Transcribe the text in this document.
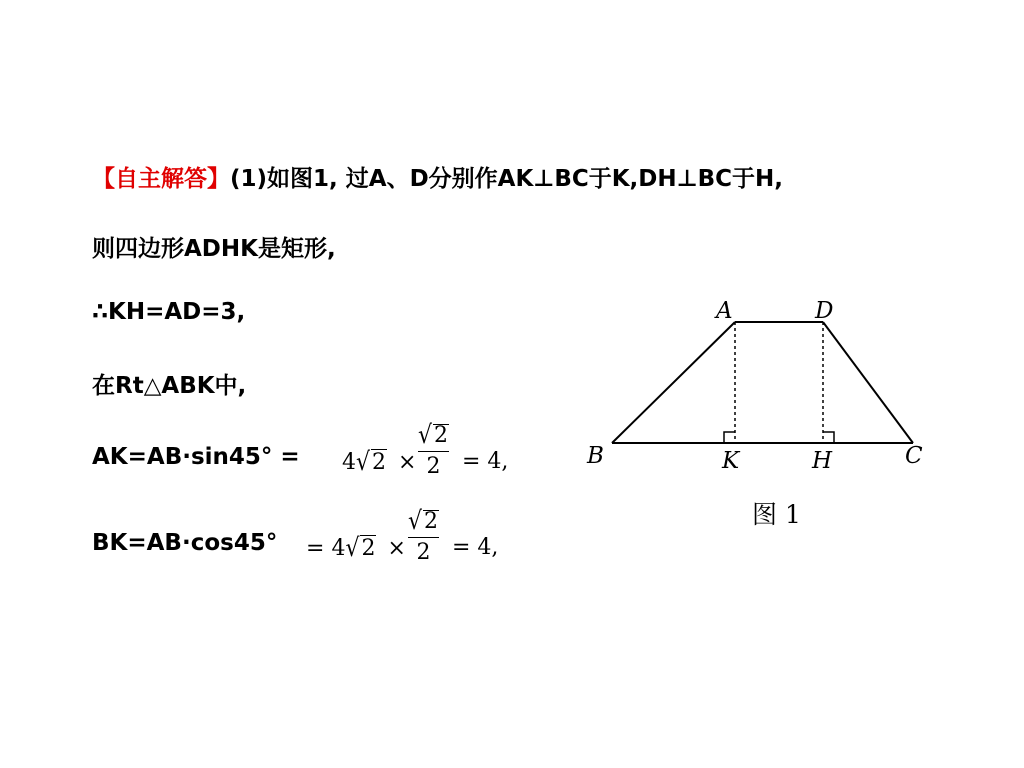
【自主解答】(1)如图1, 过A、D分别作AK⊥BC于K,DH⊥BC于H,
则四边形ADHK是矩形,
∴KH=AD=3,
在Rt△ABK中,
AK=AB·sin45° =
BK=AB·cos45°
4√2 ×
√2
2 = 4,
= 4√2 ×
√2
2 = 4,
A	D
B	K	H	C
图 1
